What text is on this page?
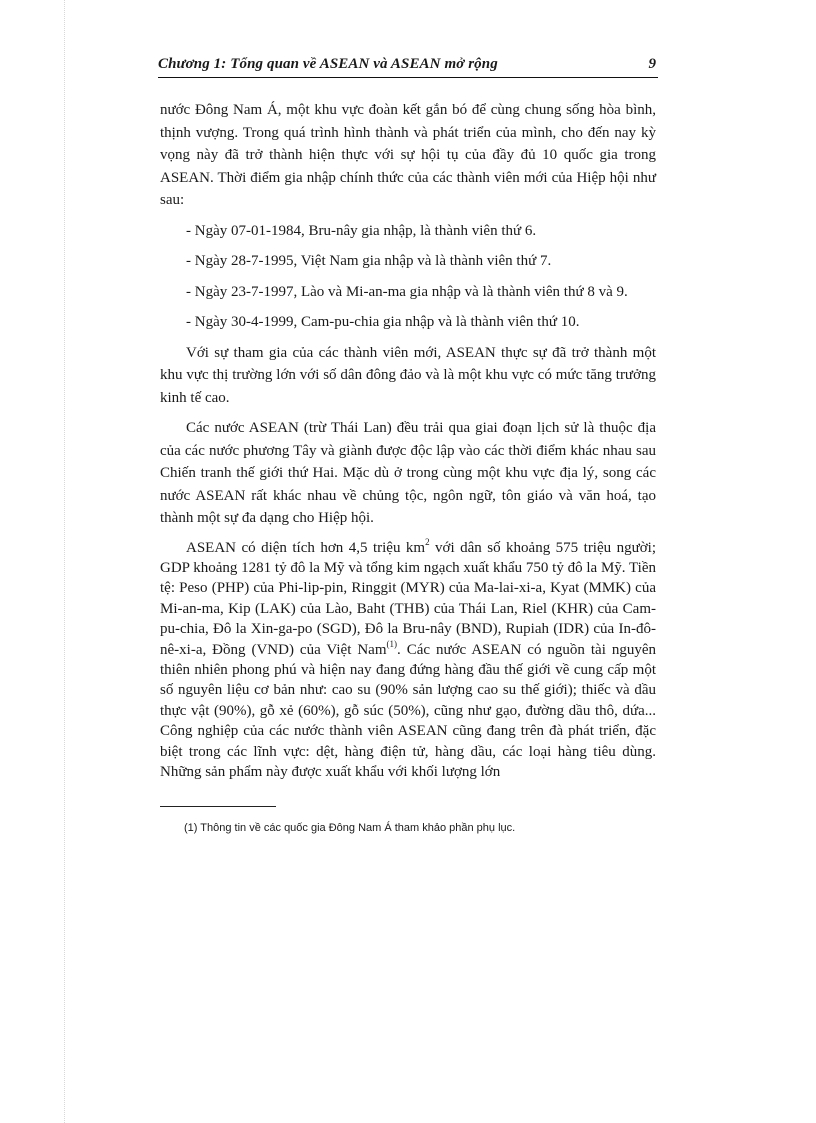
Chương 1: Tổng quan về ASEAN và ASEAN mở rộng	9

nước Đông Nam Á, một khu vực đoàn kết gắn bó để cùng chung sống hòa bình, thịnh vượng. Trong quá trình hình thành và phát triển của mình, cho đến nay kỳ vọng này đã trở thành hiện thực với sự hội tụ của đầy đủ 10 quốc gia trong ASEAN. Thời điểm gia nhập chính thức của các thành viên mới của Hiệp hội như sau:

- Ngày 07-01-1984, Bru-nây gia nhập, là thành viên thứ 6.

- Ngày 28-7-1995, Việt Nam gia nhập và là thành viên thứ 7.

- Ngày 23-7-1997, Lào và Mi-an-ma gia nhập và là thành viên thứ 8 và 9.

- Ngày 30-4-1999, Cam-pu-chia gia nhập và là thành viên thứ 10.

Với sự tham gia của các thành viên mới, ASEAN thực sự đã trở thành một khu vực thị trường lớn với số dân đông đảo và là một khu vực có mức tăng trưởng kinh tế cao.

Các nước ASEAN (trừ Thái Lan) đều trải qua giai đoạn lịch sử là thuộc địa của các nước phương Tây và giành được độc lập vào các thời điểm khác nhau sau Chiến tranh thế giới thứ Hai. Mặc dù ở trong cùng một khu vực địa lý, song các nước ASEAN rất khác nhau về chủng tộc, ngôn ngữ, tôn giáo và văn hoá, tạo thành một sự đa dạng cho Hiệp hội.

ASEAN có diện tích hơn 4,5 triệu $km^2$ với dân số khoảng 575 triệu người; GDP khoảng 1281 tỷ đô la Mỹ và tổng kim ngạch xuất khẩu 750 tỷ đô la Mỹ. Tiền tệ: Peso (PHP) của Phi-lip-pin, Ringgit (MYR) của Ma-lai-xi-a, Kyat (MMK) của Mi-an-ma, Kip (LAK) của Lào, Baht (THB) của Thái Lan, Riel (KHR) của Cam-pu-chia, Đô la Xin-ga-po (SGD), Đô la Bru-nây (BND), Rupiah (IDR) của In-đô-nê-xi-a, Đồng (VND) của Việt Nam$^{(1)}$. Các nước ASEAN có nguồn tài nguyên thiên nhiên phong phú và hiện nay đang đứng hàng đầu thế giới về cung cấp một số nguyên liệu cơ bản như: cao su (90% sản lượng cao su thế giới); thiếc và dầu thực vật (90%), gỗ xẻ (60%), gỗ súc (50%), cũng như gạo, đường dầu thô, dứa... Công nghiệp của các nước thành viên ASEAN cũng đang trên đà phát triển, đặc biệt trong các lĩnh vực: dệt, hàng điện tử, hàng dầu, các loại hàng tiêu dùng. Những sản phẩm này được xuất khẩu với khối lượng lớn

(1) Thông tin về các quốc gia Đông Nam Á tham khảo phần phụ lục.
